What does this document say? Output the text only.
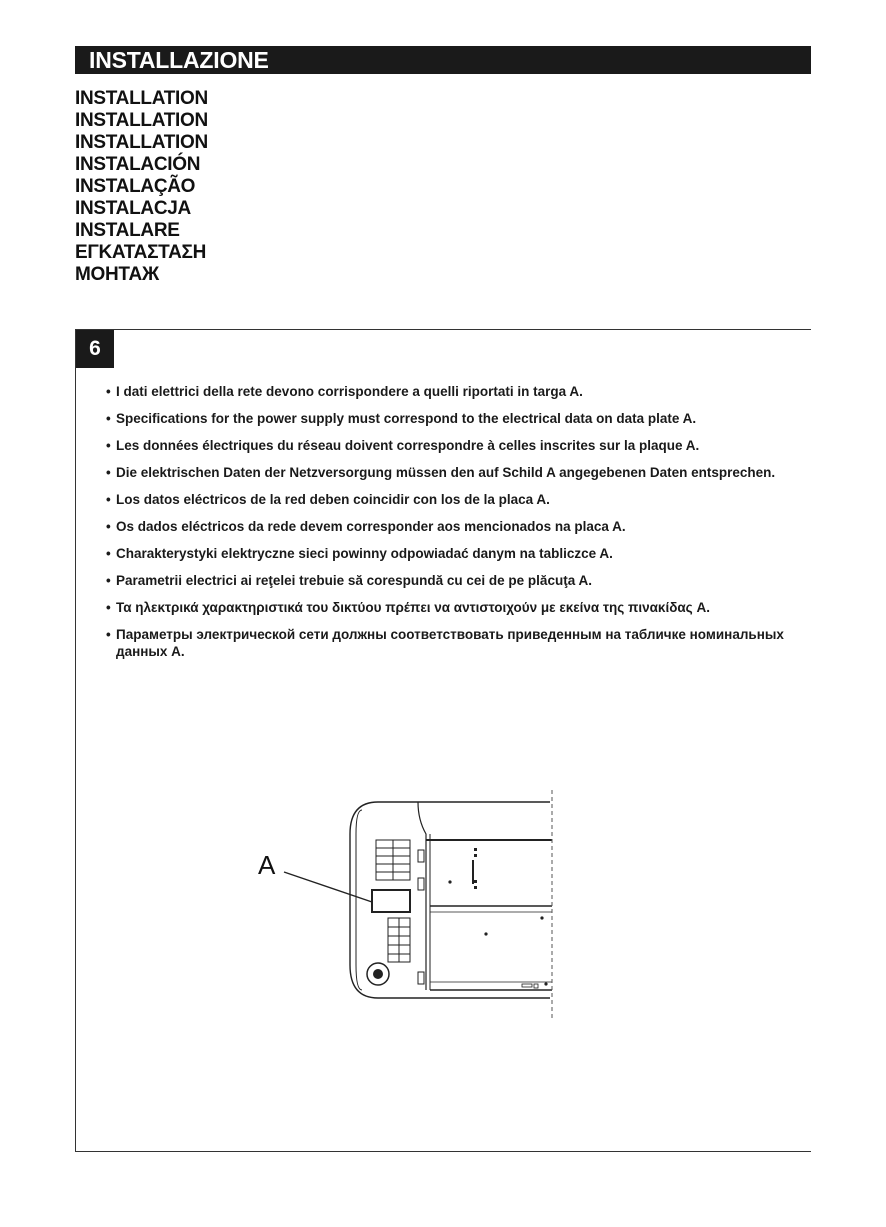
INSTALLAZIONE
INSTALLATION
INSTALLATION
INSTALLATION
INSTALACIÓN
INSTALAÇÃO
INSTALACJA
INSTALARE
ΕΓΚΑΤΑΣΤΑΣΗ
МОНТАЖ
6
• I dati elettrici della rete devono corrispondere a quelli riportati in targa A.
• Specifications for the power supply must correspond to the electrical data on data plate A.
• Les données électriques du réseau doivent correspondre à celles inscrites sur la plaque A.
• Die elektrischen Daten der Netzversorgung müssen den auf Schild A angegebenen Daten entsprechen.
• Los datos eléctricos de la red deben coincidir con los de la placa A.
• Os dados eléctricos da rede devem corresponder aos mencionados na placa A.
• Charakterystyki elektryczne sieci powinny odpowiadać danym na tabliczce A.
• Parametrii electrici ai reţelei trebuie să corespundă cu cei de pe plăcuţa A.
• Τα ηλεκτρικά χαρακτηριστικά του δικτύου πρέπει να αντιστοιχούν με εκείνα της πινακίδας A.
• Параметры электрической сети должны соответствовать приведенным на табличке номинальных данных A.
A
